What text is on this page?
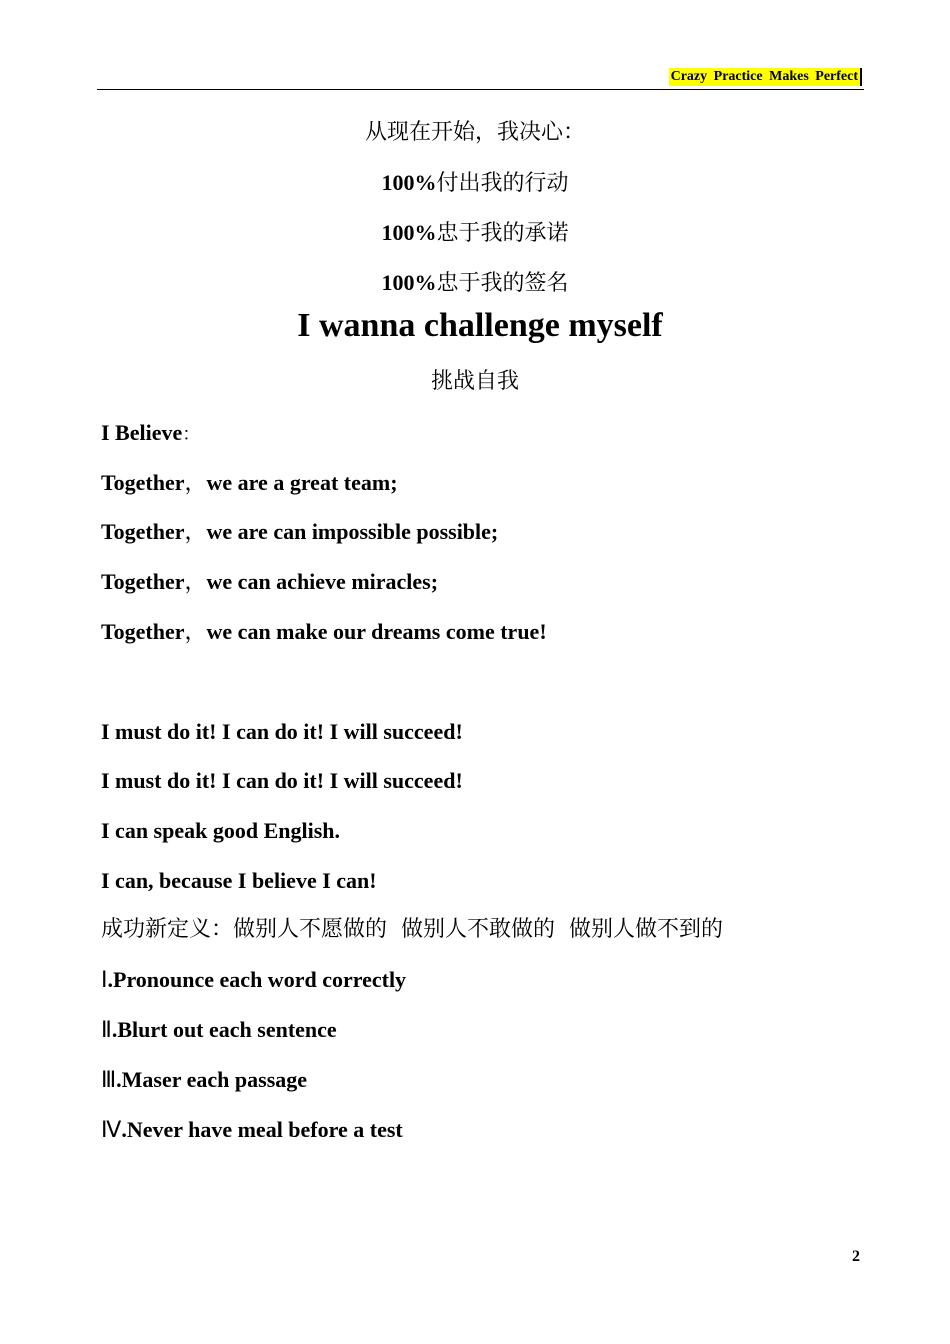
Crazy Practice Makes Perfect
从现在开始，我决心：
100%付出我的行动
100%忠于我的承诺
100%忠于我的签名
I wanna challenge myself
挑战自我
I Believe：
Together，we are a great team;
Together，we are can impossible possible;
Together，we can achieve miracles;
Together，we can make our dreams come true!
I must do it! I can do it! I will succeed!
I must do it! I can do it! I will succeed!
I can speak good English.
I can, because I believe I can!
成功新定义：做别人不愿做的  做别人不敢做的  做别人做不到的
Ⅰ.Pronounce each word correctly
Ⅱ.Blurt out each sentence
Ⅲ.Maser each passage
Ⅳ.Never have meal before a test
2
